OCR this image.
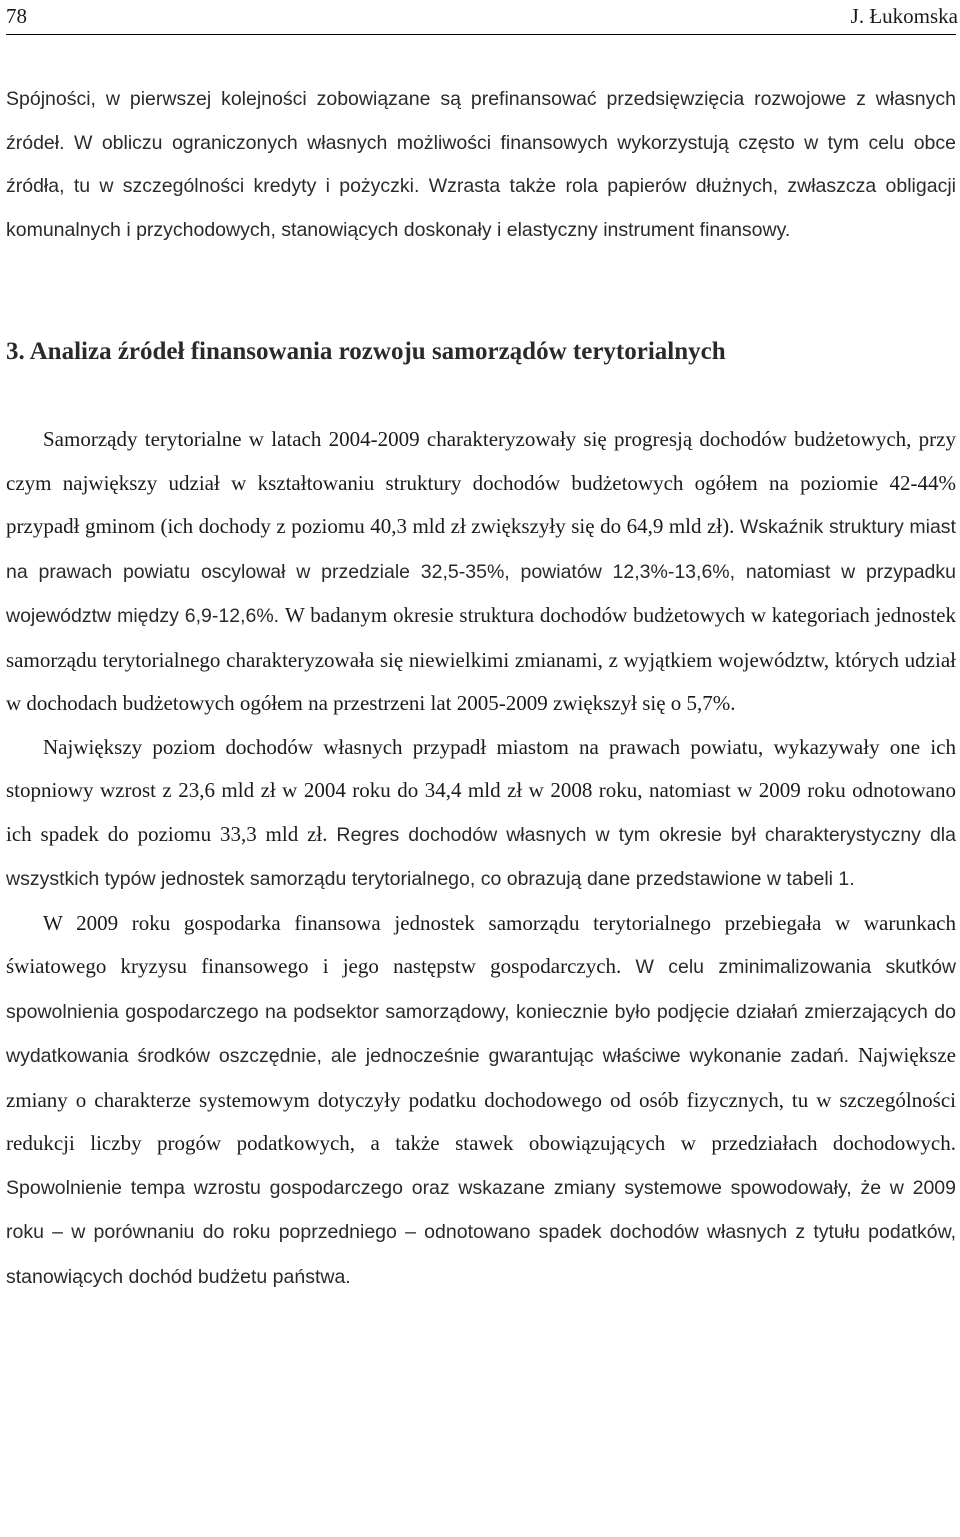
78	J. Łukomska

Spójności, w pierwszej kolejności zobowiązane są prefinansować przedsięwzięcia rozwojowe z własnych źródeł. W obliczu ograniczonych własnych możliwości finansowych wykorzystują często w tym celu obce źródła, tu w szczególności kredyty i pożyczki. Wzrasta także rola papierów dłużnych, zwłaszcza obligacji komunalnych i przychodowych, stanowiących doskonały i elastyczny instrument finansowy.

3. Analiza źródeł finansowania rozwoju samorządów terytorialnych

Samorządy terytorialne w latach 2004-2009 charakteryzowały się progresją dochodów budżetowych, przy czym największy udział w kształtowaniu struktury dochodów budżetowych ogółem na poziomie 42-44% przypadł gminom (ich dochody z poziomu 40,3 mld zł zwiększyły się do 64,9 mld zł). Wskaźnik struktury miast na prawach powiatu oscylował w przedziale 32,5-35%, powiatów 12,3%-13,6%, natomiast w przypadku województw między 6,9-12,6%. W badanym okresie struktura dochodów budżetowych w kategoriach jednostek samorządu terytorialnego charakteryzowała się niewielkimi zmianami, z wyjątkiem województw, których udział w dochodach budżetowych ogółem na przestrzeni lat 2005-2009 zwiększył się o 5,7%.

Największy poziom dochodów własnych przypadł miastom na prawach powiatu, wykazywały one ich stopniowy wzrost z 23,6 mld zł w 2004 roku do 34,4 mld zł w 2008 roku, natomiast w 2009 roku odnotowano ich spadek do poziomu 33,3 mld zł. Regres dochodów własnych w tym okresie był charakterystyczny dla wszystkich typów jednostek samorządu terytorialnego, co obrazują dane przedstawione w tabeli 1.

W 2009 roku gospodarka finansowa jednostek samorządu terytorialnego przebiegała w warunkach światowego kryzysu finansowego i jego następstw gospodarczych. W celu zminimalizowania skutków spowolnienia gospodarczego na podsektor samorządowy, koniecznie było podjęcie działań zmierzających do wydatkowania środków oszczędnie, ale jednocześnie gwarantując właściwe wykonanie zadań. Największe zmiany o charakterze systemowym dotyczyły podatku dochodowego od osób fizycznych, tu w szczególności redukcji liczby progów podatkowych, a także stawek obowiązujących w przedziałach dochodowych. Spowolnienie tempa wzrostu gospodarczego oraz wskazane zmiany systemowe spowodowały, że w 2009 roku – w porównaniu do roku poprzedniego – odnotowano spadek dochodów własnych z tytułu podatków, stanowiących dochód budżetu państwa.
